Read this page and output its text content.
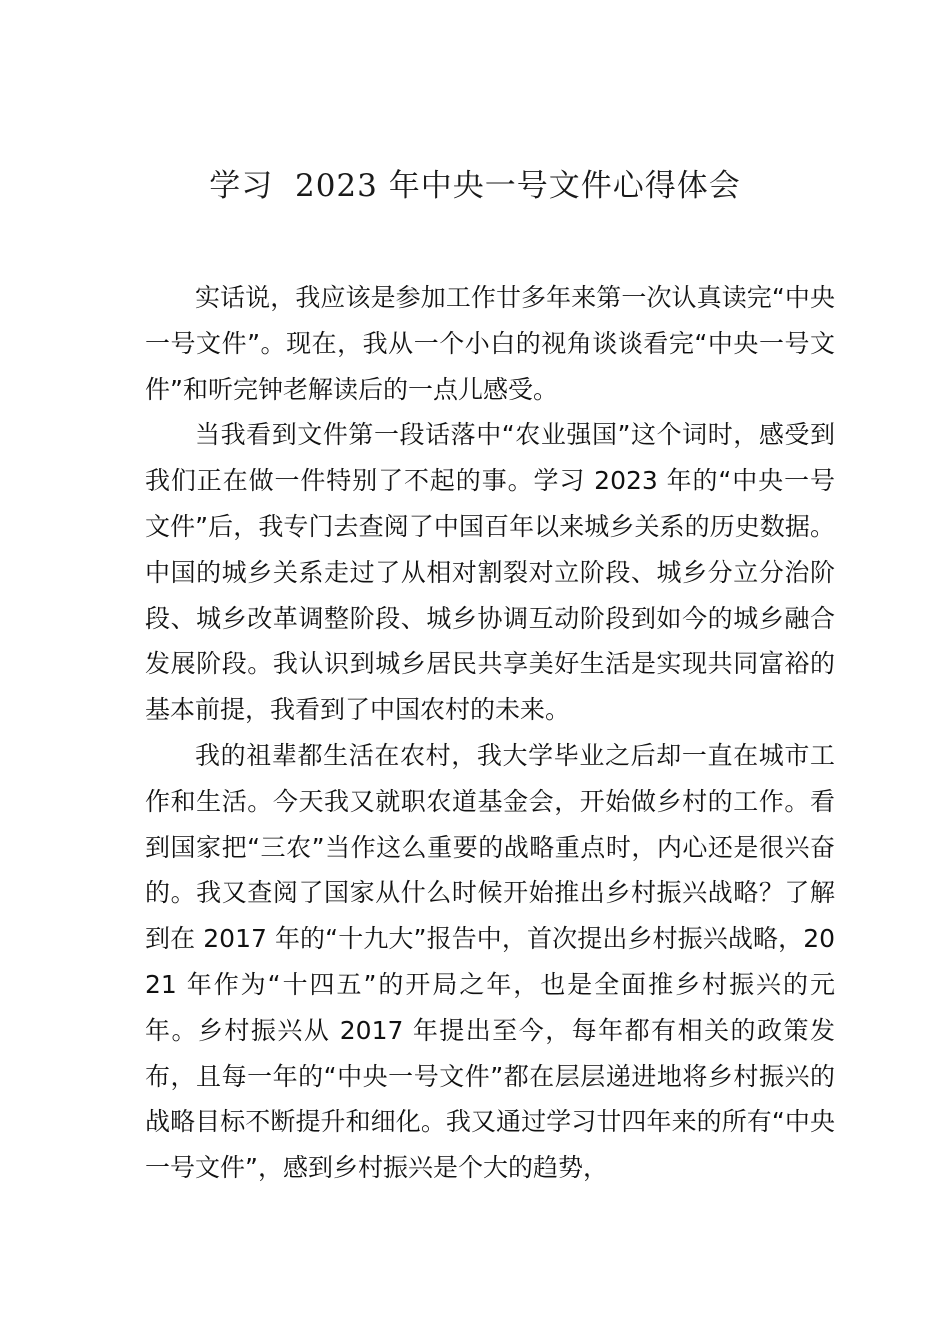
学习  2023 年中央一号文件心得体会

实话说，我应该是参加工作廿多年来第一次认真读完“中央一号文件”。现在，我从一个小白的视角谈谈看完“中央一号文件”和听完钟老解读后的一点儿感受。

当我看到文件第一段话落中“农业强国”这个词时，感受到我们正在做一件特别了不起的事。学习 2023 年的“中央一号文件”后，我专门去查阅了中国百年以来城乡关系的历史数据。中国的城乡关系走过了从相对割裂对立阶段、城乡分立分治阶段、城乡改革调整阶段、城乡协调互动阶段到如今的城乡融合发展阶段。我认识到城乡居民共享美好生活是实现共同富裕的基本前提，我看到了中国农村的未来。

我的祖辈都生活在农村，我大学毕业之后却一直在城市工作和生活。今天我又就职农道基金会，开始做乡村的工作。看到国家把“三农”当作这么重要的战略重点时，内心还是很兴奋的。我又查阅了国家从什么时候开始推出乡村振兴战略？了解到在 2017 年的“十九大”报告中，首次提出乡村振兴战略，2021 年作为“十四五”的开局之年，也是全面推乡村振兴的元年。乡村振兴从 2017 年提出至今，每年都有相关的政策发布，且每一年的“中央一号文件”都在层层递进地将乡村振兴的战略目标不断提升和细化。我又通过学习廿四年来的所有“中央一号文件”，感到乡村振兴是个大的趋势，
